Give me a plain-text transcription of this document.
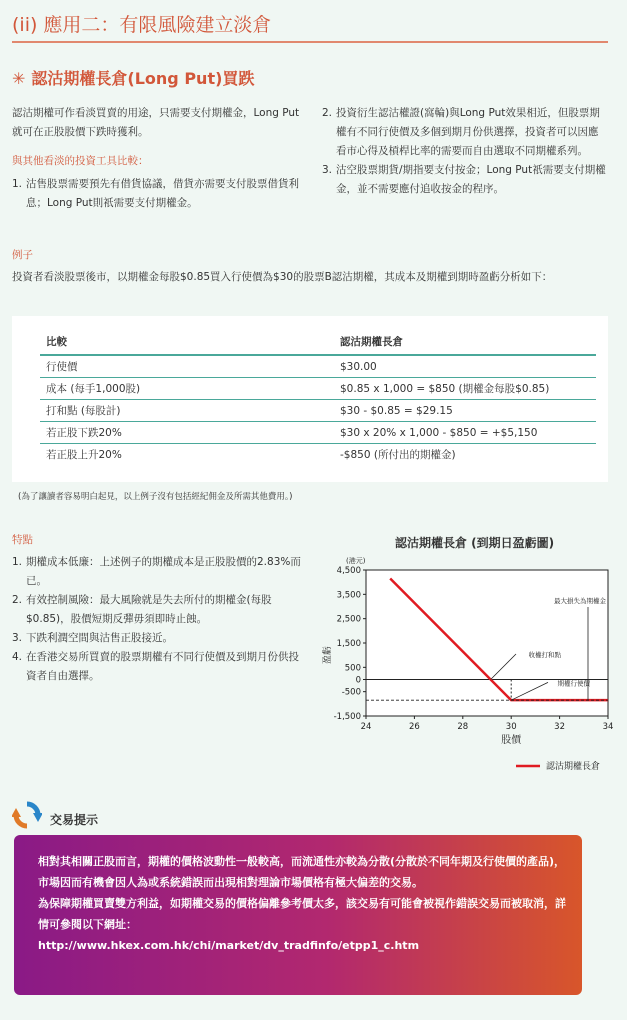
(ii) 應用二：有限風險建立淡倉
✳ 認沽期權長倉(Long Put)買跌
認沽期權可作看淡買賣的用途，只需要支付期權金，Long Put就可在正股股價下跌時獲利。
與其他看淡的投資工具比較：
1. 沽售股票需要預先有借貨協議，借貨亦需要支付股票借貨利息；Long Put則祇需要支付期權金。
2. 投資衍生認沽權證(窩輪)與Long Put效果相近，但股票期權有不同行使價及多個到期月份供選擇，投資者可以因應看市心得及槓桿比率的需要而自由選取不同期權系列。
3. 沽空股票期貨/期指要支付按金；Long Put祇需要支付期權金，並不需要應付追收按金的程序。
例子
投資者看淡股票後市，以期權金每股$0.85買入行使價為$30的股票B認沽期權，其成本及期權到期時盈虧分析如下：
比較	認沽期權長倉
行使價	$30.00
成本 (每手1,000股)	$0.85 x 1,000 = $850 (期權金每股$0.85)
打和點 (每股計)	$30 - $0.85 = $29.15
若正股下跌20%	$30 x 20% x 1,000 - $850 = +$5,150
若正股上升20%	-$850 (所付出的期權金)
(為了讓讀者容易明白起見，以上例子沒有包括經紀佣金及所需其他費用。)
特點
1. 期權成本低廉：上述例子的期權成本是正股股價的2.83%而已。
2. 有效控制風險：最大風險就是失去所付的期權金(每股$0.85)，股價短期反彈毋須即時止蝕。
3. 下跌利潤空間與沽售正股接近。
4. 在香港交易所買賣的股票期權有不同行使價及到期月份供投資者自由選擇。
認沽期權長倉 (到期日盈虧圖)
4,500
3,500
2,500
1,500
500
0
-500
-1,500
24	26	28	30	32	34
(港元)
盈虧
股價
最大損失為期權金
收權打和點
期權行使價
認沽期權長倉
交易提示
相對其相關正股而言，期權的價格波動性一般較高，而流通性亦較為分散(分散於不同年期及行使價的產品)，市場因而有機會因人為或系統錯誤而出現相對理論市場價格有極大偏差的交易。
為保障期權買賣雙方利益，如期權交易的價格偏離參考價太多，該交易有可能會被視作錯誤交易而被取消，詳情可參閱以下網址：
http://www.hkex.com.hk/chi/market/dv_tradfinfo/etpp1_c.htm
